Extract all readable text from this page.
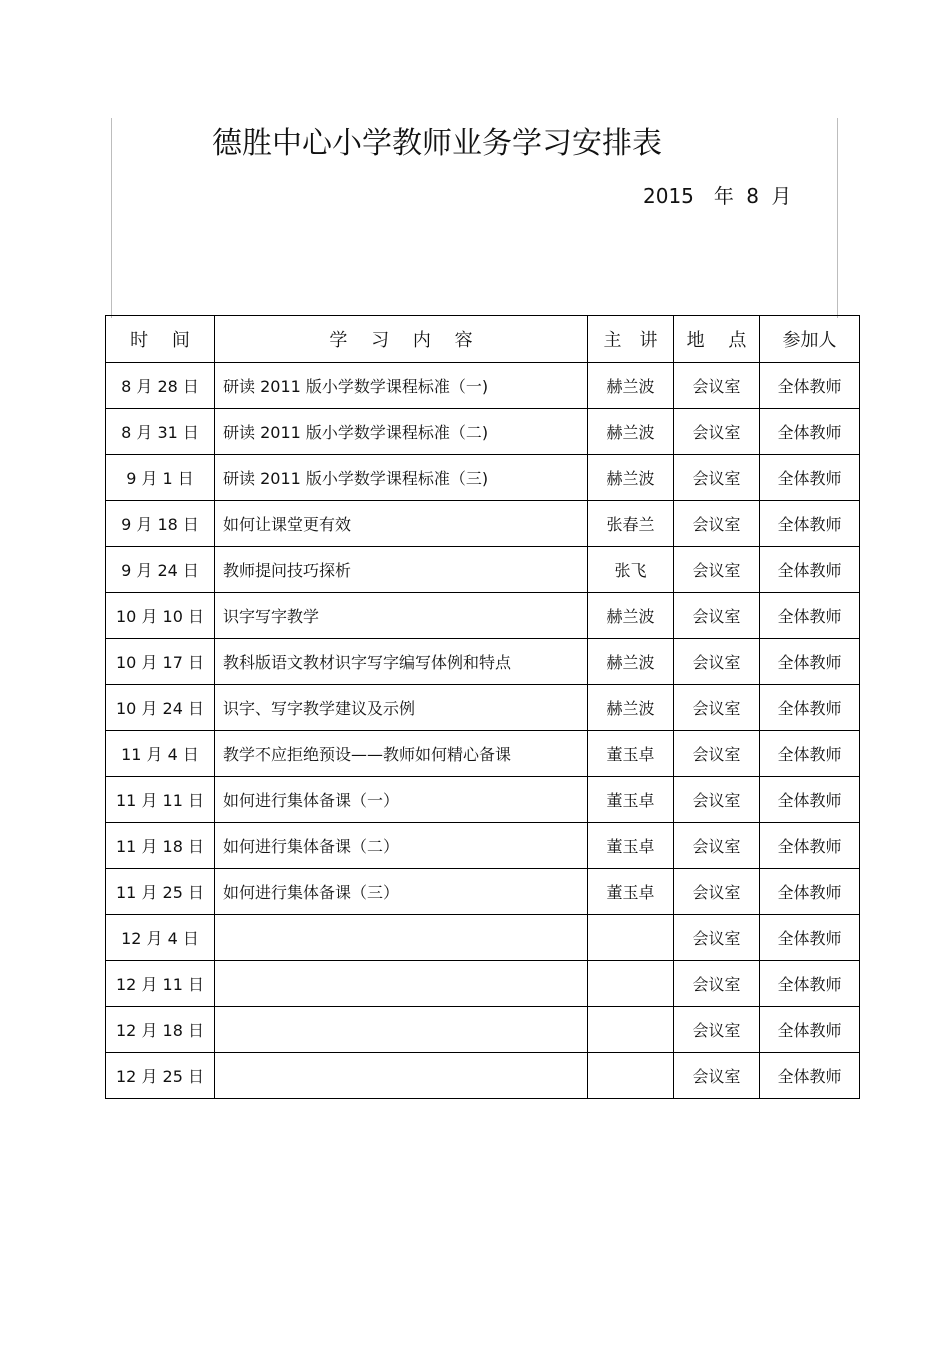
德胜中心小学教师业务学习安排表
2015　年 8 月
时　 间	学　 习　 内　 容	主　讲	地　 点	参加人
8 月 28 日	研读 2011 版小学数学课程标准（一)	赫兰波	会议室	全体教师
8 月 31 日	研读 2011 版小学数学课程标准（二)	赫兰波	会议室	全体教师
9 月 1 日	研读 2011 版小学数学课程标准（三)	赫兰波	会议室	全体教师
9 月 18 日	如何让课堂更有效	张春兰	会议室	全体教师
9 月 24 日	教师提问技巧探析	张飞	会议室	全体教师
10 月 10 日	识字写字教学	赫兰波	会议室	全体教师
10 月 17 日	教科版语文教材识字写字编写体例和特点	赫兰波	会议室	全体教师
10 月 24 日	识字、写字教学建议及示例	赫兰波	会议室	全体教师
11 月 4 日	教学不应拒绝预设——教师如何精心备课	董玉卓	会议室	全体教师
11 月 11 日	如何进行集体备课（一）	董玉卓	会议室	全体教师
11 月 18 日	如何进行集体备课（二）	董玉卓	会议室	全体教师
11 月 25 日	如何进行集体备课（三）	董玉卓	会议室	全体教师
12 月 4 日			会议室	全体教师
12 月 11 日			会议室	全体教师
12 月 18 日			会议室	全体教师
12 月 25 日			会议室	全体教师
